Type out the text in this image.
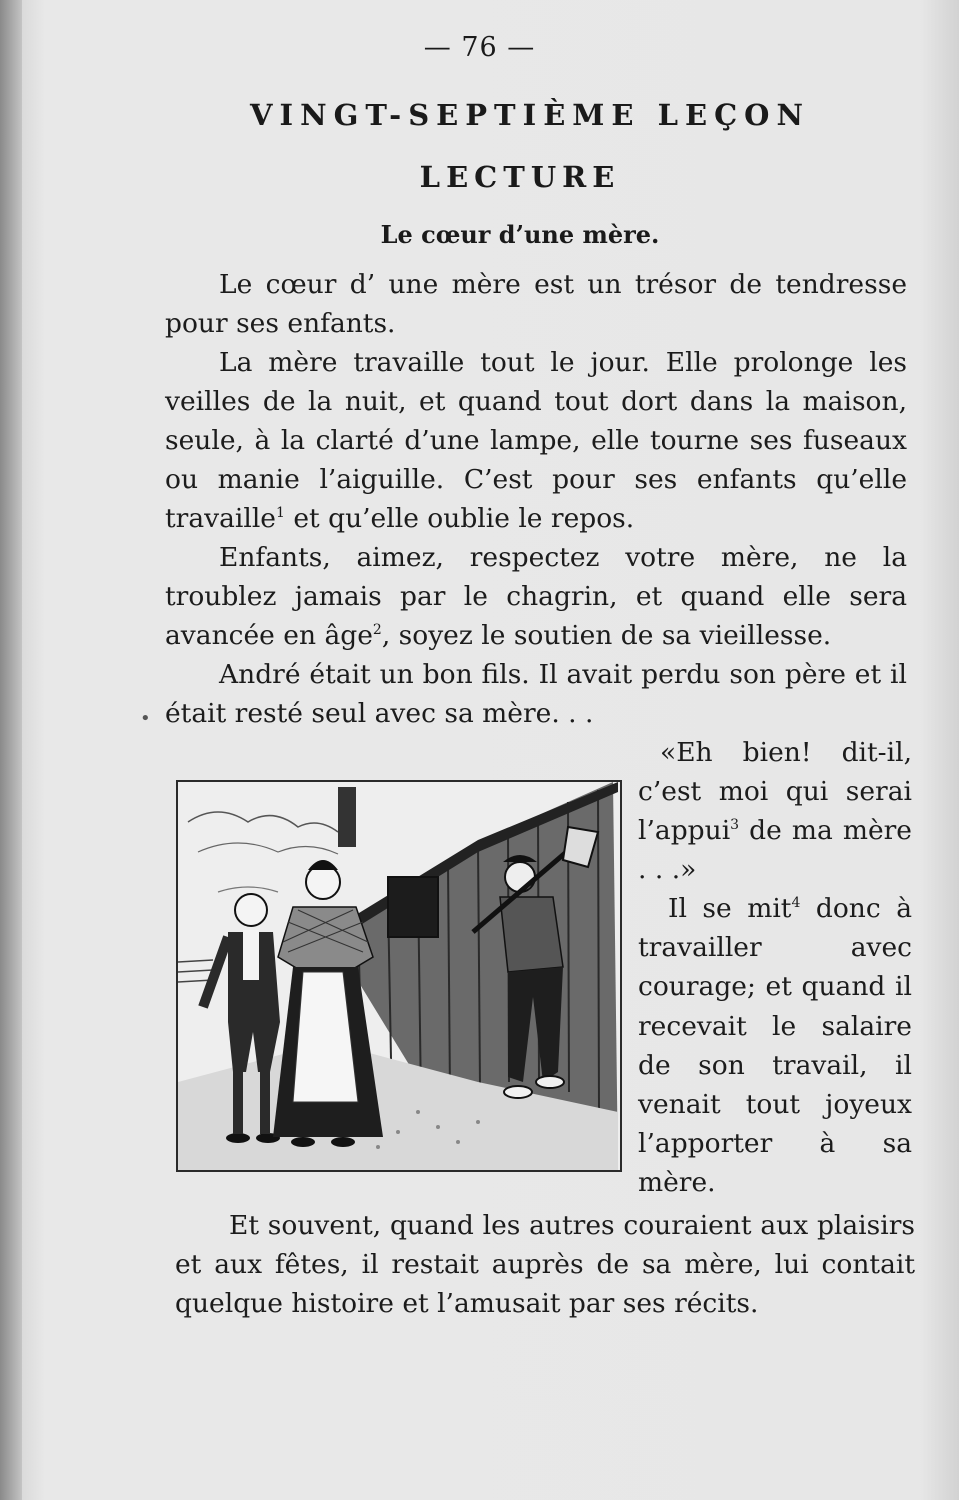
— 76 —
VINGT-SEPTIÈME LEÇON
LECTURE
Le cœur d’une mère.

Le cœur d’ une mère est un trésor de tendresse pour ses enfants.

La mère travaille tout le jour. Elle prolonge les veilles de la nuit, et quand tout dort dans la maison, seule, à la clarté d’une lampe, elle tourne ses fuseaux ou manie l’aiguille. C’est pour ses enfants qu’elle travaille$^1$ et qu’elle oublie le repos.

Enfants, aimez, respectez votre mère, ne la troublez jamais par le chagrin, et quand elle sera avancée en âge$^2$, soyez le soutien de sa vieillesse.

André était un bon fils. Il avait perdu son père et il était resté seul avec sa mère. . .

«Eh bien! dit-il, c’est moi qui serai l’appui$^3$ de ma mère . . .»

Il se mit$^4$ donc à travailler avec courage; et quand il recevait le salaire de son travail, il venait tout joyeux l’apporter à sa mère.

Et souvent, quand les autres couraient aux plaisirs et aux fêtes, il restait auprès de sa mère, lui contait quelque histoire et l’amusait par ses récits.

•
